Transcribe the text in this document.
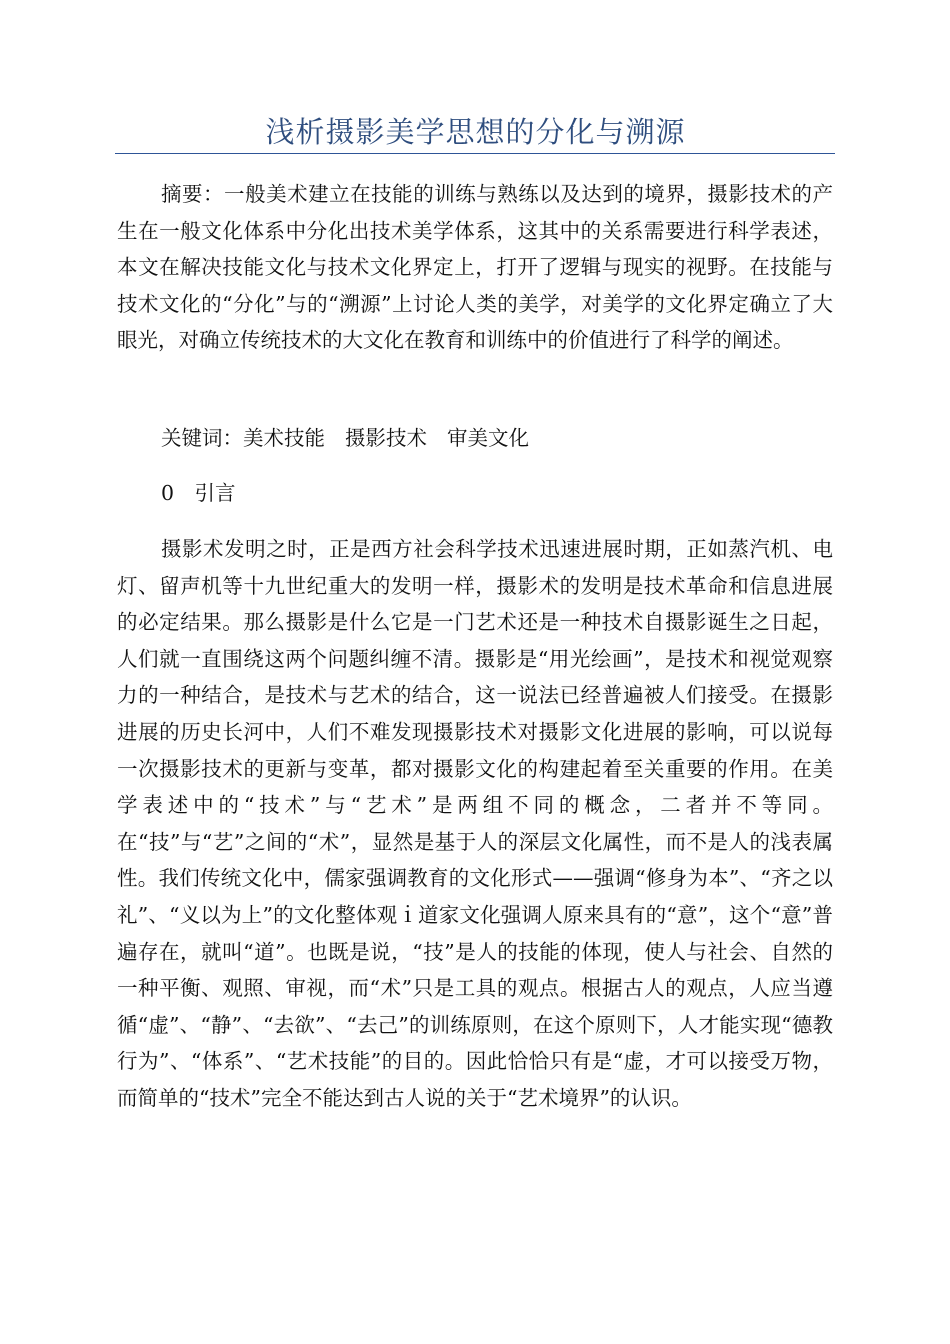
浅析摄影美学思想的分化与溯源

摘要：一般美术建立在技能的训练与熟练以及达到的境界，摄影技术的产生在一般文化体系中分化出技术美学体系，这其中的关系需要进行科学表述，本文在解决技能文化与技术文化界定上，打开了逻辑与现实的视野。在技能与技术文化的“分化”与的“溯源”上讨论人类的美学，对美学的文化界定确立了大眼光，对确立传统技术的大文化在教育和训练中的价值进行了科学的阐述。

关键词：美术技能 摄影技术 审美文化

0　引言

摄影术发明之时，正是西方社会科学技术迅速进展时期，正如蒸汽机、电灯、留声机等十九世纪重大的发明一样，摄影术的发明是技术革命和信息进展的必定结果。那么摄影是什么它是一门艺术还是一种技术自摄影诞生之日起，人们就一直围绕这两个问题纠缠不清。摄影是“用光绘画”，是技术和视觉观察力的一种结合，是技术与艺术的结合，这一说法已经普遍被人们接受。在摄影进展的历史长河中，人们不难发现摄影技术对摄影文化进展的影响，可以说每一次摄影技术的更新与变革，都对摄影文化的构建起着至关重要的作用。在美学表述中的“技术”与“艺术”是两组不同的概念，二者并不等同。在“技”与“艺”之间的“术”，显然是基于人的深层文化属性，而不是人的浅表属性。我们传统文化中，儒家强调教育的文化形式——强调“修身为本”、“齐之以礼”、“义以为上”的文化整体观ｉ道家文化强调人原来具有的“意”，这个“意”普遍存在，就叫“道”。也既是说，“技”是人的技能的体现，使人与社会、自然的一种平衡、观照、审视，而“术”只是工具的观点。根据古人的观点，人应当遵循“虚”、“静”、“去欲”、“去己”的训练原则，在这个原则下，人才能实现“德教行为”、“体系”、“艺术技能”的目的。因此恰恰只有是“虚，才可以接受万物，而简单的“技术”完全不能达到古人说的关于“艺术境界”的认识。
